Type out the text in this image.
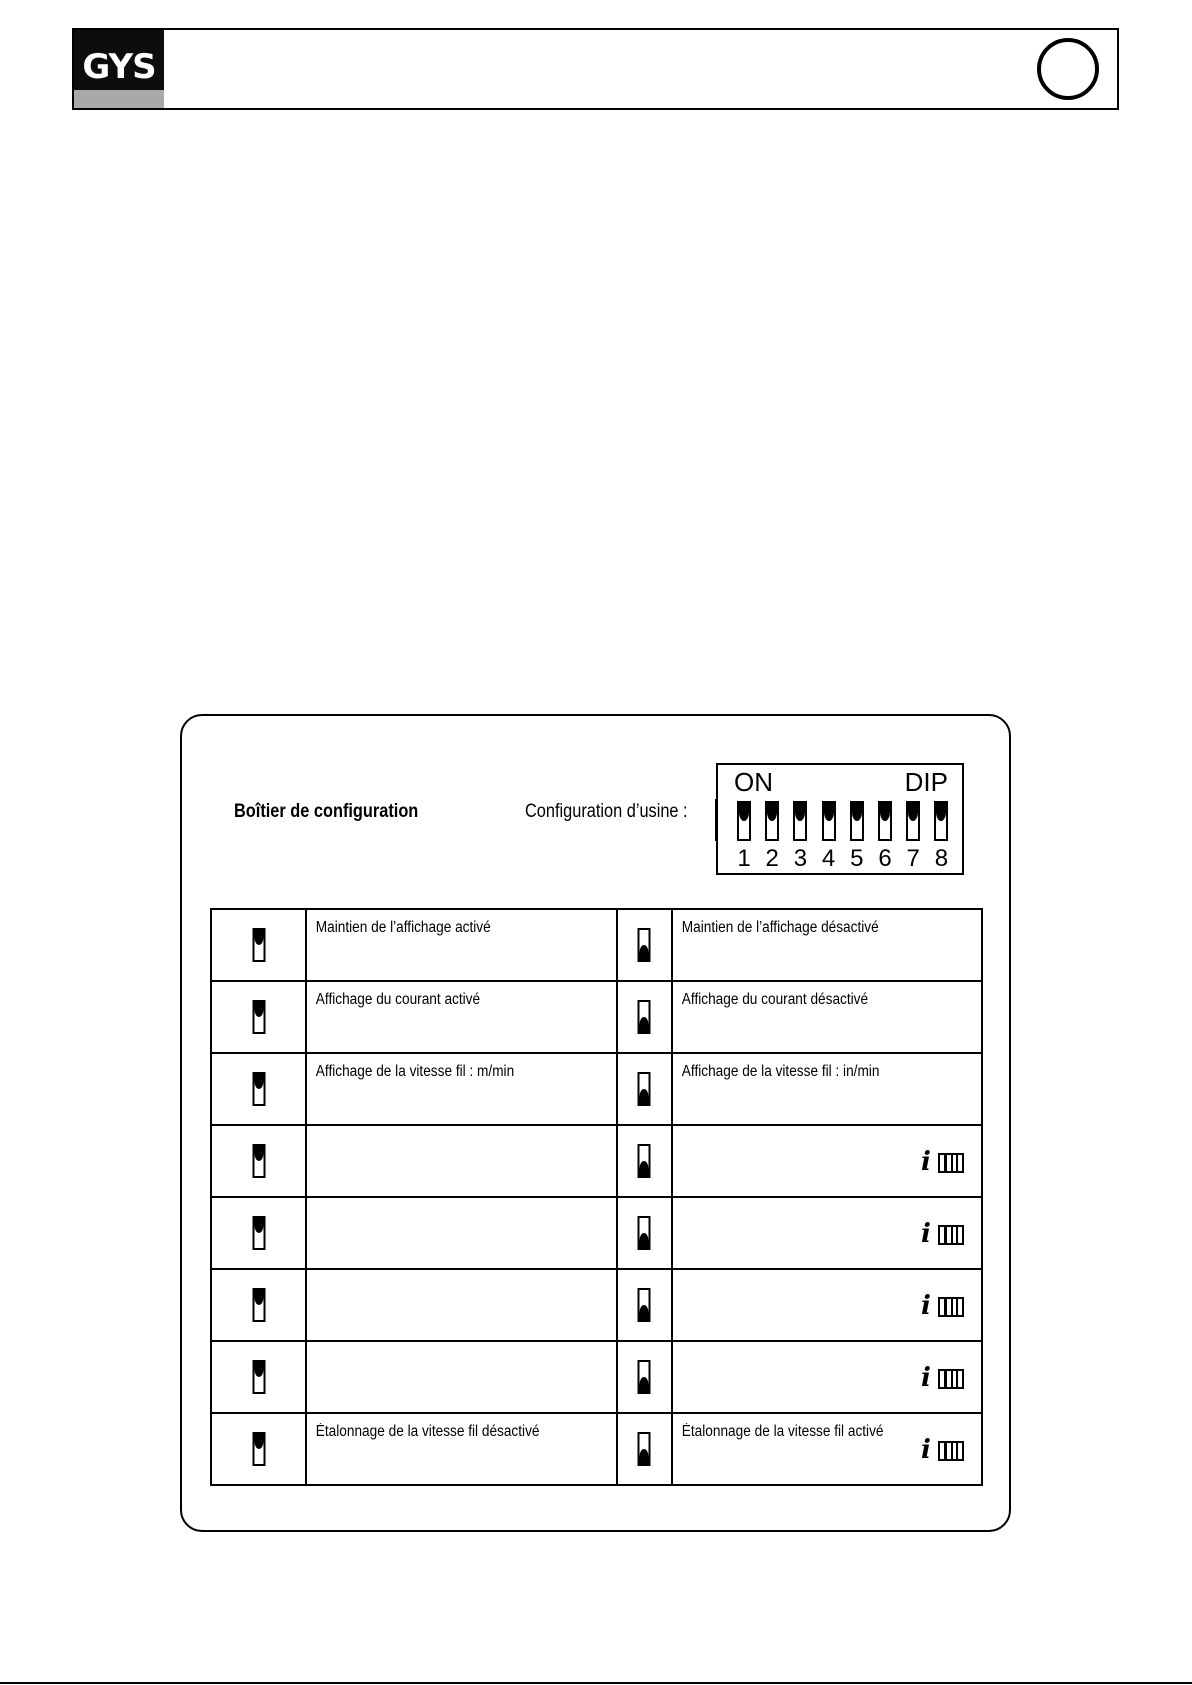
GYS
Boîtier de configuration	Configuration d’usine :
ON	DIP
1 2 3 4 5 6 7 8

	Maintien de l’affichage activé		Maintien de l’affichage désactivé

	Affichage du courant activé		Affichage du courant désactivé

	Affichage de la vitesse fil : m/min		Affichage de la vitesse fil : in/min

			i

			i

			i

			i

	Étalonnage de la vitesse fil désactivé		Étalonnage de la vitesse fil activé
i
